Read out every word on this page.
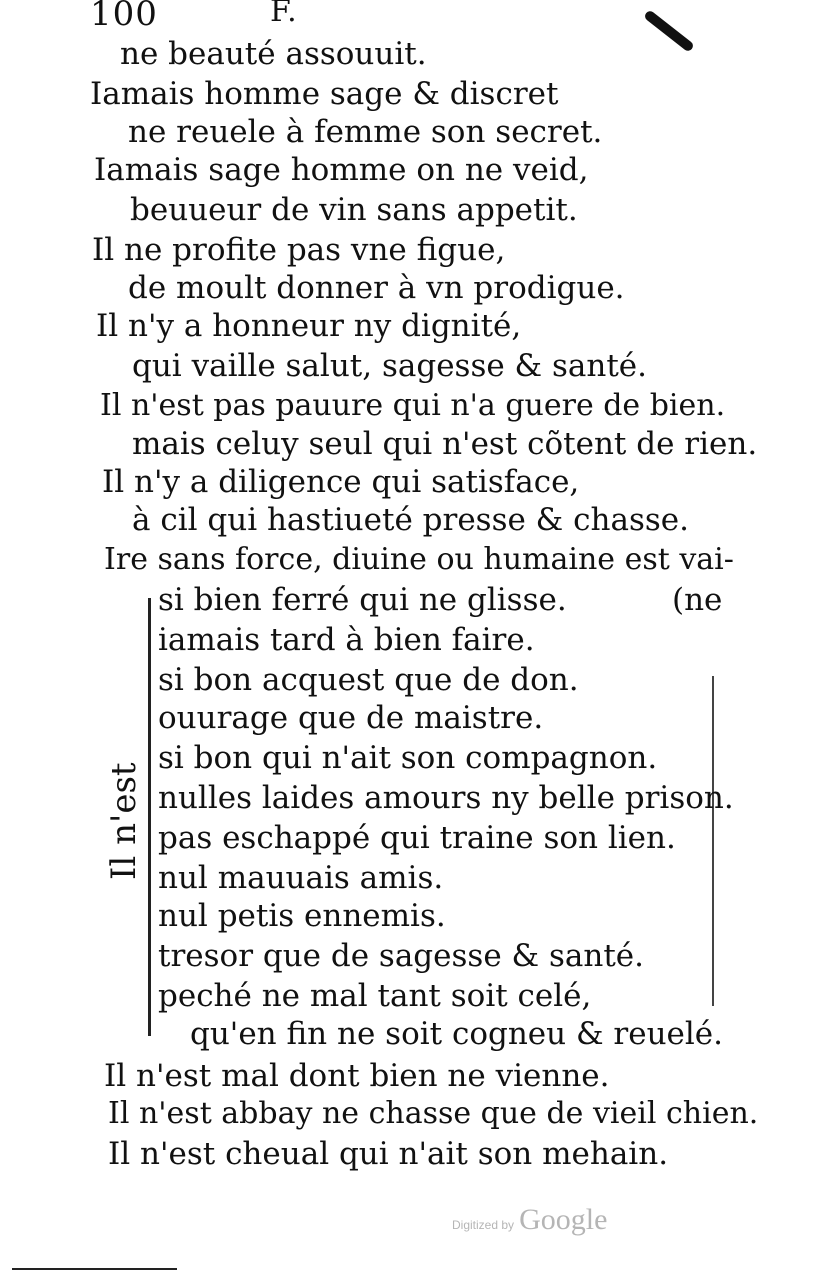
100	F.
ne beauté assouuit.
Iamais homme sage & discret
ne reuele à femme son secret.
Iamais sage homme on ne veid,
beuueur de vin sans appetit.
Il ne profite pas vne figue,
de moult donner à vn prodigue.
Il n'y a honneur ny dignité,
qui vaille salut, sagesse & santé.
Il n'est pas pauure qui n'a guere de bien.
mais celuy seul qui n'est cõtent de rien.
Il n'y a diligence qui satisface,
à cil qui hastiueté presse & chasse.
Ire sans force, diuine ou humaine est vai-
Il n'est
si bien ferré qui ne glisse.	(ne
iamais tard à bien faire.
si bon acquest que de don.
ouurage que de maistre.
si bon qui n'ait son compagnon.
nulles laides amours ny belle prison.
pas eschappé qui traine son lien.
nul mauuais amis.
nul petis ennemis.
tresor que de sagesse & santé.
peché ne mal tant soit celé,
qu'en fin ne soit cogneu & reuelé.
Il n'est mal dont bien ne vienne.
Il n'est abbay ne chasse que de vieil chien.
Il n'est cheual qui n'ait son mehain.
Digitized by Google
